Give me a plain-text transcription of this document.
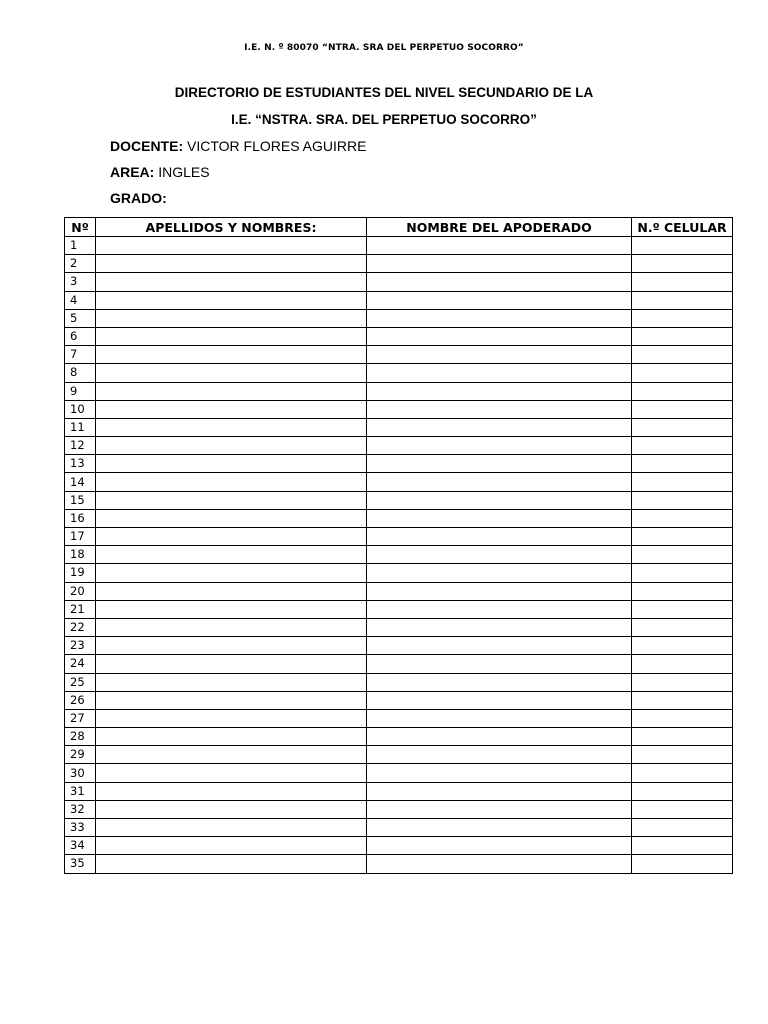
I.E. N. º 80070 “NTRA. SRA DEL PERPETUO SOCORRO”
DIRECTORIO DE ESTUDIANTES DEL NIVEL SECUNDARIO DE LA
I.E. “NSTRA. SRA. DEL PERPETUO SOCORRO”
DOCENTE: VICTOR FLORES AGUIRRE
AREA: INGLES
GRADO:
Nº	APELLIDOS Y NOMBRES:	NOMBRE DEL APODERADO	N.º CELULAR
1			
2			
3			
4			
5			
6			
7			
8			
9			
10			
11			
12			
13			
14			
15			
16			
17			
18			
19			
20			
21			
22			
23			
24			
25			
26			
27			
28			
29			
30			
31			
32			
33			
34			
35			
